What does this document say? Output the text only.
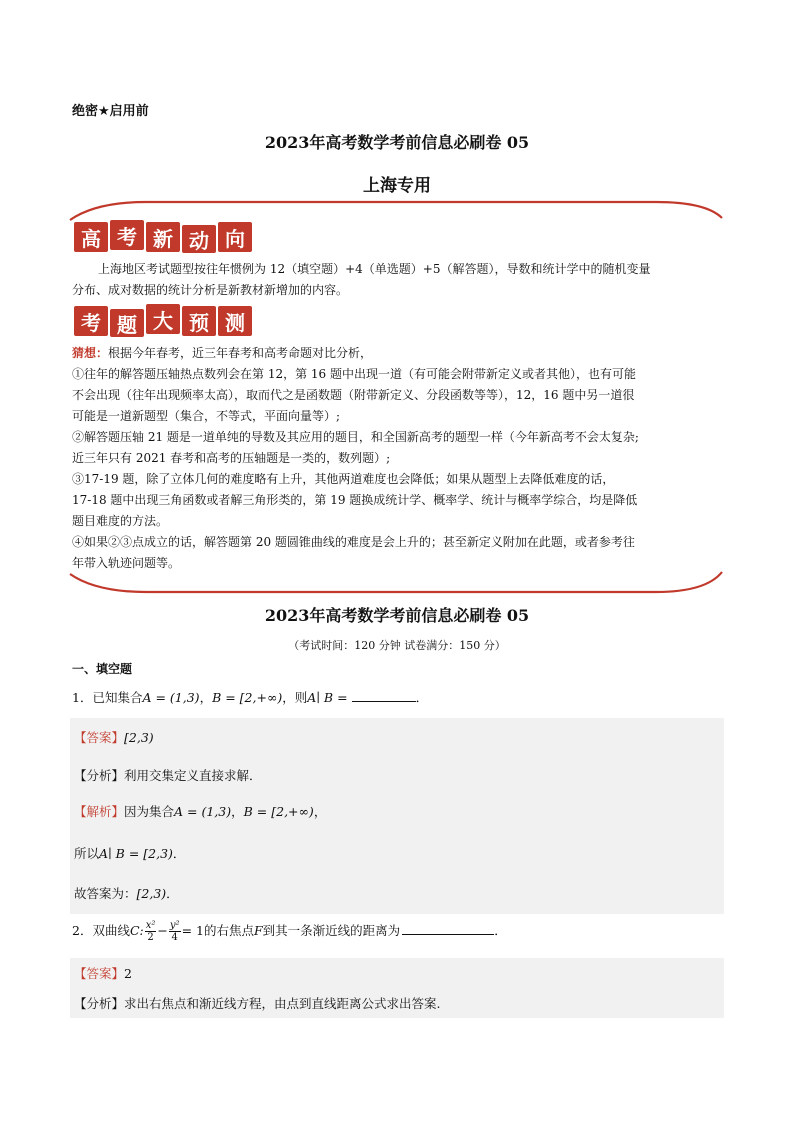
绝密★启用前
2023年高考数学考前信息必刷卷 05
上海专用
高 考 新 动 向
上海地区考试题型按往年惯例为 12（填空题）+4（单选题）+5（解答题），导数和统计学中的随机变量
分布、成对数据的统计分析是新教材新增加的内容。
考 题 大 预 测
猜想：根据今年春考，近三年春考和高考命题对比分析，
①往年的解答题压轴热点数列会在第 12，第 16 题中出现一道（有可能会附带新定义或者其他），也有可能
不会出现（往年出现频率太高），取而代之是函数题（附带新定义、分段函数等等），12，16 题中另一道很
可能是一道新题型（集合，不等式，平面向量等）;
②解答题压轴 21 题是一道单纯的导数及其应用的题目，和全国新高考的题型一样（今年新高考不会太复杂;
近三年只有 2021 春考和高考的压轴题是一类的，数列题）;
③17-19 题，除了立体几何的难度略有上升，其他两道难度也会降低；如果从题型上去降低难度的话，
17-18 题中出现三角函数或者解三角形类的，第 19 题换成统计学、概率学、统计与概率学综合，均是降低
题目难度的方法。
④如果②③点成立的话，解答题第 20 题圆锥曲线的难度是会上升的；甚至新定义附加在此题，或者参考往
年带入轨迹问题等。
2023年高考数学考前信息必刷卷 05
（考试时间：120 分钟 试卷满分：150 分）
一、填空题
1．已知集合A = (1,3)，B = [2,+∞)，则A∣ B =	．
【答案】[2,3)
【分析】利用交集定义直接求解．
【解析】因为集合A = (1,3)，B = [2,+∞)，
所以A∣ B = [2,3)．
故答案为：[2,3)．
2．双曲线C: $\frac{\text{x²}}{2} - \frac{\text{y²}}{4} = 1$的右焦点F到其一条渐近线的距离为	．
【答案】2
【分析】求出右焦点和渐近线方程，由点到直线距离公式求出答案.
